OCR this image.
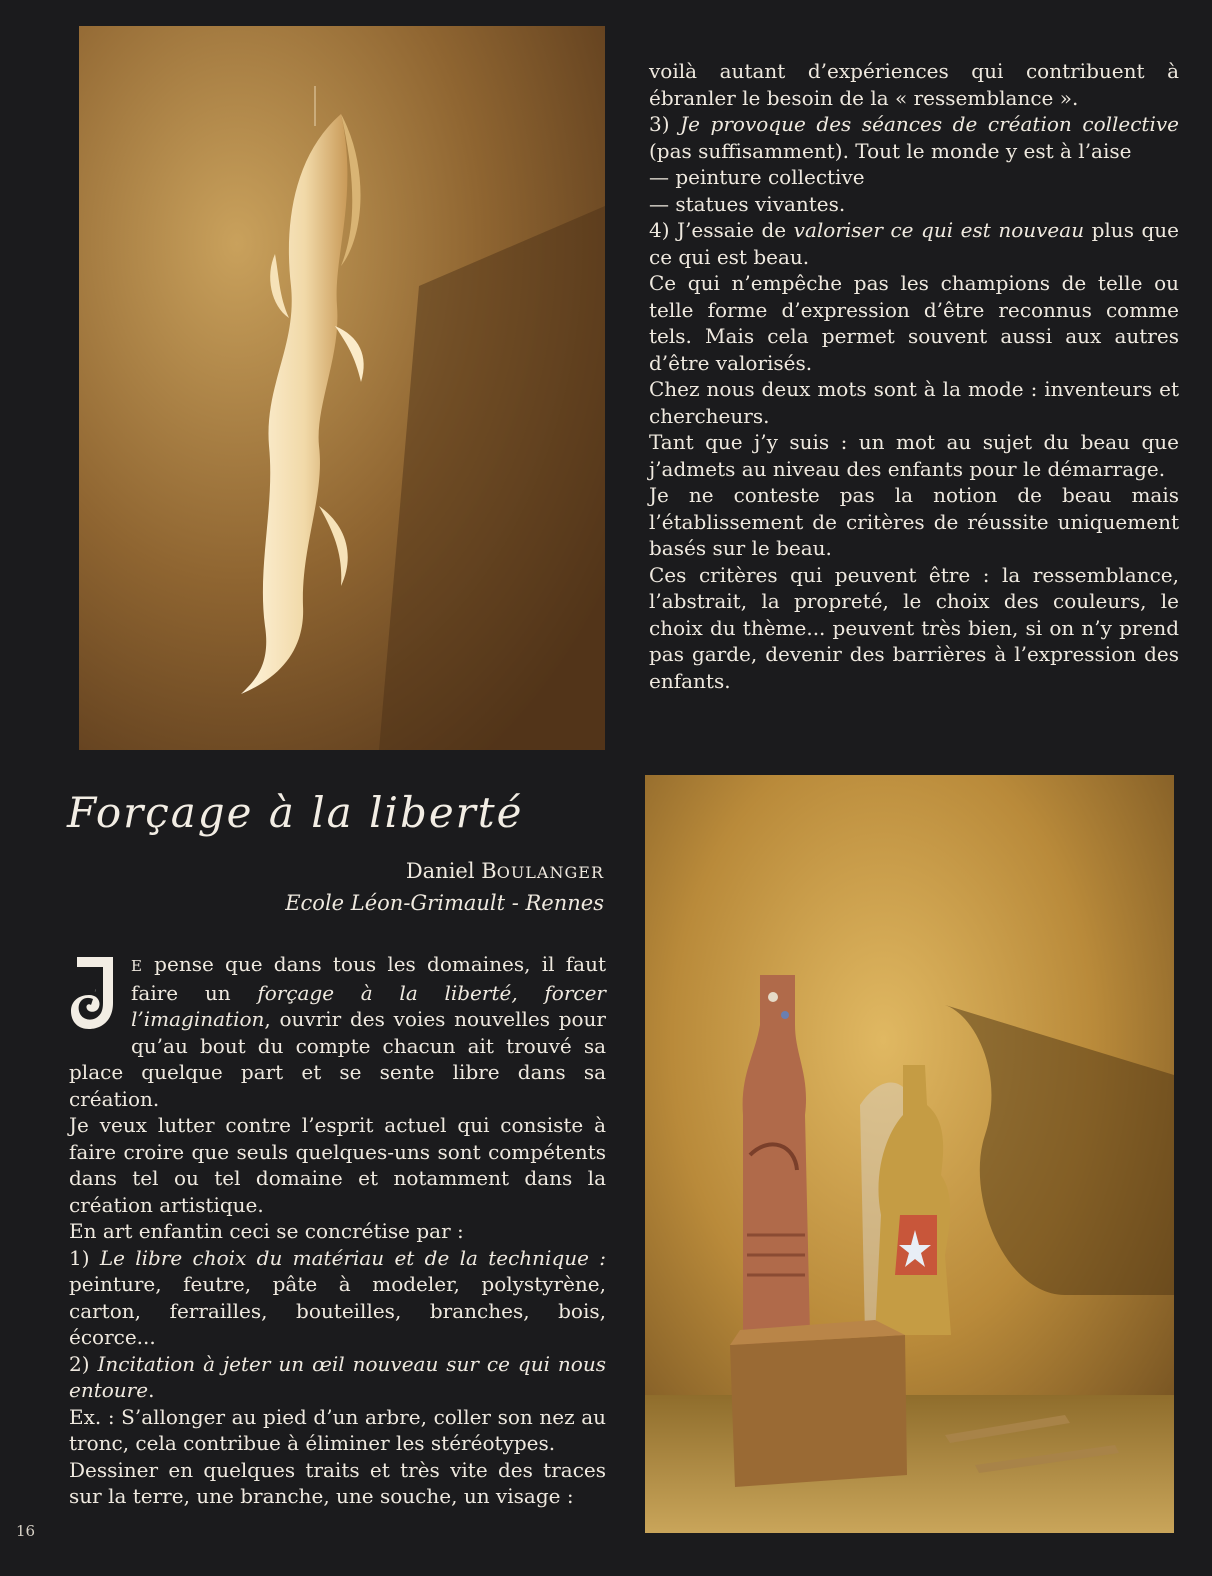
voilà autant d’expériences qui contribuent à ébranler le besoin de la « ressemblance ».

3) Je provoque des séances de création collective (pas suffisamment). Tout le monde y est à l’aise

— peinture collective

— statues vivantes.

4) J’essaie de valoriser ce qui est nouveau plus que ce qui est beau.

Ce qui n’empêche pas les champions de telle ou telle forme d’expression d’être reconnus comme tels. Mais cela permet souvent aussi aux autres d’être valorisés.

Chez nous deux mots sont à la mode : inventeurs et chercheurs.

Tant que j’y suis : un mot au sujet du beau que j’admets au niveau des enfants pour le démarrage.

Je ne conteste pas la notion de beau mais l’établissement de critères de réussite uniquement basés sur le beau.

Ces critères qui peuvent être : la ressemblance, l’abstrait, la propreté, le choix des couleurs, le choix du thème... peuvent très bien, si on n’y prend pas garde, devenir des barrières à l’expression des enfants.

Forçage à la liberté
Daniel BOULANGER
Ecole Léon-Grimault - Rennes

J
E pense que dans tous les domaines, il faut faire un forçage à la liberté, forcer l’imagination, ouvrir des voies nouvelles pour qu’au bout du compte chacun ait trouvé sa place quelque part et se sente libre dans sa création.

Je veux lutter contre l’esprit actuel qui consiste à faire croire que seuls quelques-uns sont compétents dans tel ou tel domaine et notamment dans la création artistique.

En art enfantin ceci se concrétise par :

1) Le libre choix du matériau et de la technique : peinture, feutre, pâte à modeler, polystyrène, carton, ferrailles, bouteilles, branches, bois, écorce...

2) Incitation à jeter un œil nouveau sur ce qui nous entoure.

Ex. : S’allonger au pied d’un arbre, coller son nez au tronc, cela contribue à éliminer les stéréotypes.

Dessiner en quelques traits et très vite des traces sur la terre, une branche, une souche, un visage :

16
